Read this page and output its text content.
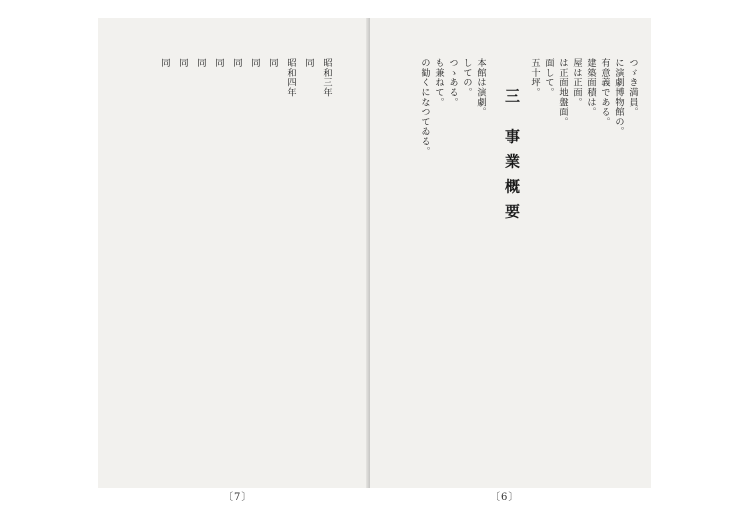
昭和三年
同
昭和四年
同
同
同
同
同
同
同
〔7〕
つゞき満員。
に演劇博物館の。
有意義である。
建築面積は。
屋は正面。
は正面地盤面。
面して。
五十坪。
三 事業概要
本館は演劇。
しての。
つゝある。
も兼ねて。
の勧くになつてゐる。
〔6〕
